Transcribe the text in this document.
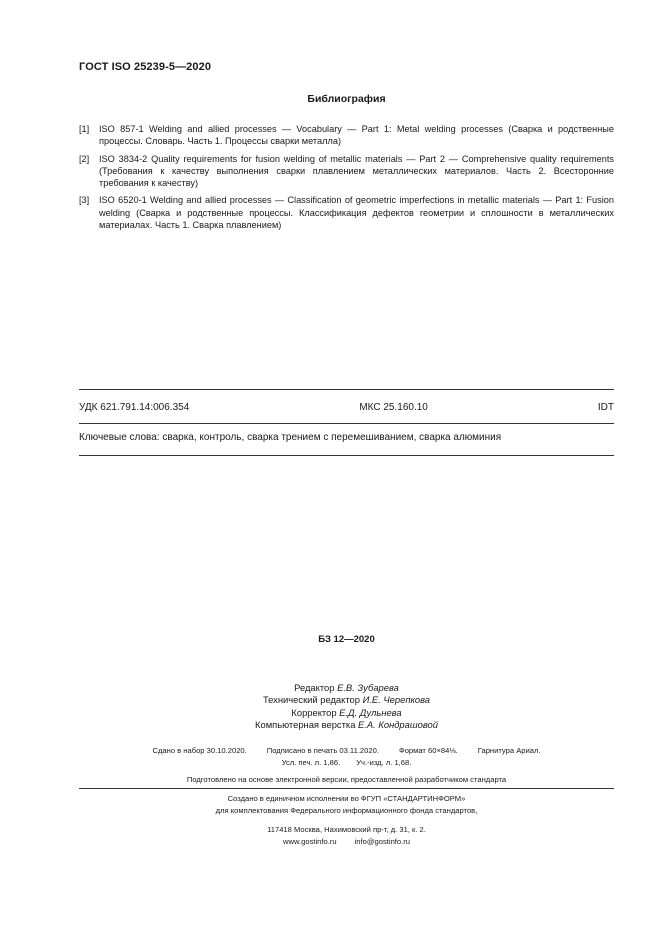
ГОСТ ISO 25239-5—2020
Библиография
[1]	ISO 857-1 Welding and allied processes — Vocabulary — Part 1: Metal welding processes (Сварка и родственные процессы. Словарь. Часть 1. Процессы сварки металла)
[2]	ISO 3834-2 Quality requirements for fusion welding of metallic materials — Part 2 — Comprehensive quality requirements (Требования к качеству выполнения сварки плавлением металлических материалов. Часть 2. Всесторонние требования к качеству)
[3]	ISO 6520-1 Welding and allied processes — Classification of geometric imperfections in metallic materials — Part 1: Fusion welding (Сварка и родственные процессы. Классификация дефектов геометрии и сплошности в металлических материалах. Часть 1. Сварка плавлением)
УДК 621.791.14:006.354	МКС 25.160.10	IDT
Ключевые слова: сварка, контроль, сварка трением с перемешиванием, сварка алюминия
БЗ 12—2020
Редактор Е.В. Зубарева
Технический редактор И.Е. Черепкова
Корректор Е.Д. Дульнева
Компьютерная верстка Е.А. Кондрашовой
Сдано в набор 30.10.2020.	Подписано в печать 03.11.2020.	Формат 60×84⅛.	Гарнитура Ариал.
Усл. печ. л. 1,86. Уч.-изд. л. 1,68.
Подготовлено на основе электронной версии, предоставленной разработчиком стандарта
Создано в единичном исполнении во ФГУП «СТАНДАРТИНФОРМ»
для комплектования Федерального информационного фонда стандартов,
117418 Москва, Нахимовский пр-т, д. 31, к. 2.
www.gostinfo.ru info@gostinfo.ru
